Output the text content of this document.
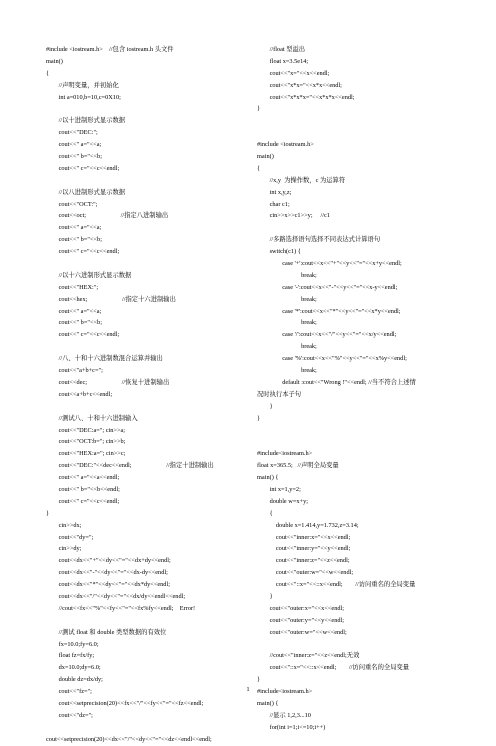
#include <iostream.h>    //包含 iostream.h 头文件
main()
{
//声明变量，并初始化
int a=010,b=10,c=0X10;
//以十进制形式显示数据
cout<<"DEC:";
cout<<" a="<<a;
cout<<" b="<<b;
cout<<" c="<<c<<endl;
//以八进制形式显示数据
cout<<"OCT:";
cout<<oct;                      //指定八进制输出
cout<<" a="<<a;
cout<<" b="<<b;
cout<<" c="<<c<<endl;
//以十六进制形式显示数据
cout<<"HEX:";
cout<<hex;                      //指定十六进制输出
cout<<" a="<<a;
cout<<" b="<<b;
cout<<" c="<<c<<endl;
//八、十和十六进制数混合运算并输出
cout<<"a+b+c=";
cout<<dec;                      //恢复十进制输出
cout<<a+b+c<<endl;
//测试八、十和十六进制输入
cout<<"DEC:a="; cin>>a;
cout<<"OCT:b="; cin>>b;
cout<<"HEX:a="; cin>>c;
cout<<"DEC:"<<dec<<endl;                      //指定十进制输出
cout<<" a="<<a<<endl;
cout<<" b="<<b<<endl;
cout<<" c="<<c<<endl;
}
cin>>dx;
cout<<"dy=";
cin>>dy;
cout<<dx<<"+"<<dy<<"="<<dx+dy<<endl;
cout<<dx<<"-"<<dy<<"="<<dx-dy<<endl;
cout<<dx<<"*"<<dy<<"="<<dx*dy<<endl;
cout<<dx<<"/"<<dy<<"="<<dx/dy<<endl<<endl;
//cout<<fx<<"%"<<fy<<"="<<fx%fy<<endl;    Error!
//测试 float 和 double 类型数据的有效位
fx=10.0;fy=6.0;
float fz=fx/fy;
dx=10.0;dy=6.0;
double dz=dx/dy;
cout<<"fz=";
cout<<setprecision(20)<<fx<<"/"<<fy<<"="<<fz<<endl;
cout<<"dz=";
cout<<setprecision(20)<<dx<<"/"<<dy<<"="<<dz<<endl<<endl;
//float 型溢出
float x=3.5e14;
cout<<"x="<<x<<endl;
cout<<"x*x="<<x*x<<endl;
cout<<"x*x*x="<<x*x*x<<endl;
}
#include <iostream.h>
main()
{
//x,y  为操作数，c 为运算符
int x,y,z;
char c1;
cin>>x>>c1>>y;     //c1
//多路选择语句选择不同表达式计算语句
switch(c1) {
case '+':cout<<x<<"+"<<y<<"="<<x+y<<endl;
break;
case '-':cout<<x<<"-"<<y<<"="<<x-y<<endl;
break;
case '*':cout<<x<<"*"<<y<<"="<<x*y<<endl;
break;
case '/':cout<<x<<"/"<<y<<"="<<x/y<<endl;
break;
case '%':cout<<x<<"%"<<y<<"="<<x%y<<endl;
break;
default :cout<<"Wrong !"<<endl; //当不符合上述情
况时执行本子句
}
}
#include<iostream.h>
float x=365.5;   //声明全局变量
main() {
int x=1,y=2;
double w=x+y;
{
double x=1.414,y=1.732,z=3.14;
cout<<"inner:x="<<x<<endl;
cout<<"inner:y="<<y<<endl;
cout<<"inner:z="<<z<<endl;
cout<<"outer:w="<<w<<endl;
cout<<"::x="<<::x<<endl;        //访问重名的全局变量
}
cout<<"outer:x="<<x<<endl;
cout<<"outer:y="<<y<<endl;
cout<<"outer:w="<<w<<endl;
//cout<<"inner:z="<<z<<endl;无效
cout<<"::x="<<::x<<endl;        //访问重名的全局变量
}
#include<iostream.h>
main() {
//显示 1,2,3...10
for(int i=1;i<=10;i++)
1
